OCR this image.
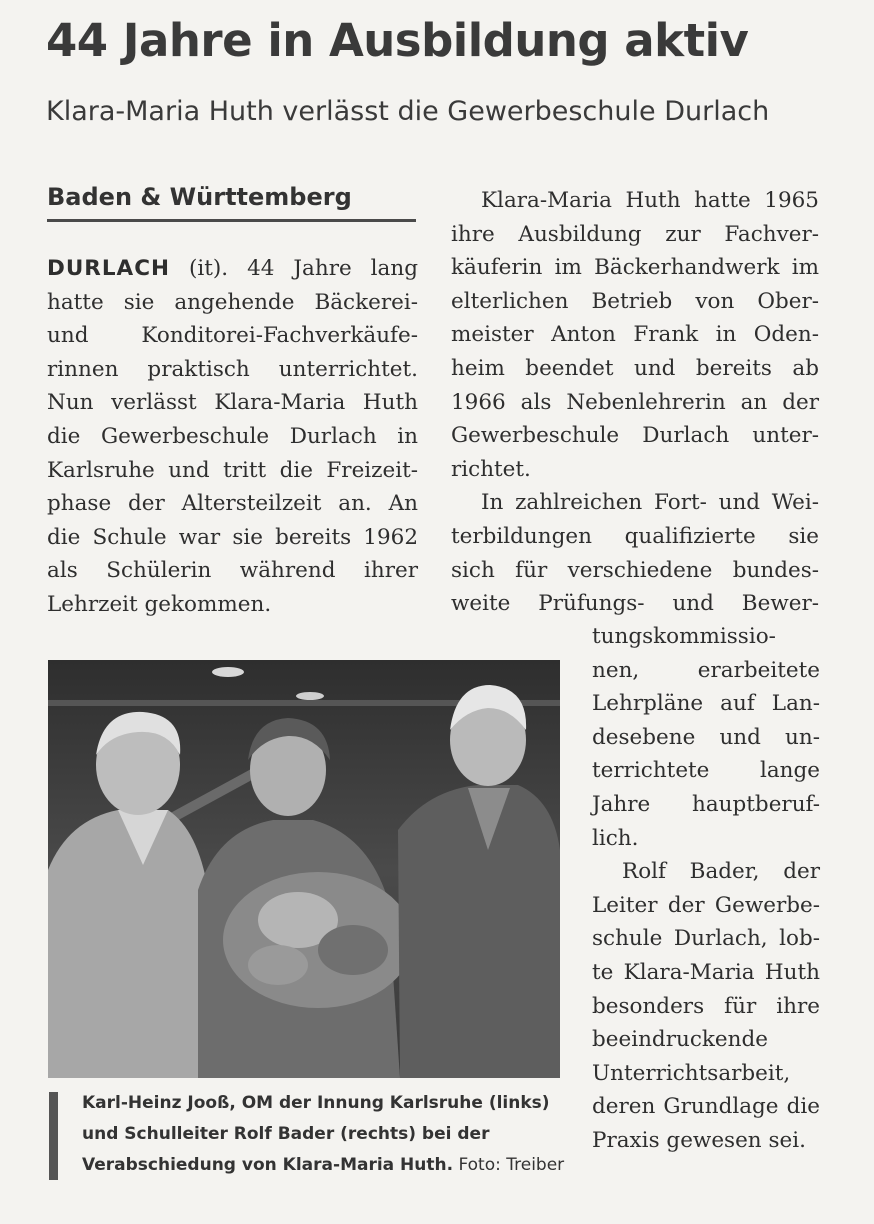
44 Jahre in Ausbildung aktiv
Klara-Maria Huth verlässt die Gewerbeschule Durlach
Baden & Württemberg
DURLACH (it). 44 Jahre lang
hatte sie angehende Bäckerei-
und Konditorei-Fachverkäufe-
rinnen praktisch unterrichtet.
Nun verlässt Klara-Maria Huth
die Gewerbeschule Durlach in
Karlsruhe und tritt die Freizeit-
phase der Altersteilzeit an. An
die Schule war sie bereits 1962
als Schülerin während ihrer
Lehrzeit gekommen.
Klara-Maria Huth hatte 1965
ihre Ausbildung zur Fachver-
käuferin im Bäckerhandwerk im
elterlichen Betrieb von Ober-
meister Anton Frank in Oden-
heim beendet und bereits ab
1966 als Nebenlehrerin an der
Gewerbeschule Durlach unter-
richtet.
In zahlreichen Fort- und Wei-
terbildungen qualifizierte sie
sich für verschiedene bundes-
weite Prüfungs- und Bewer-
tungskommissio-
nen, erarbeitete
Lehrpläne auf Lan-
desebene und un-
terrichtete lange
Jahre hauptberuf-
lich.
Rolf Bader, der
Leiter der Gewerbe-
schule Durlach, lob-
te Klara-Maria Huth
besonders für ihre
beeindruckende
Unterrichtsarbeit,
deren Grundlage die
Praxis gewesen sei.
Karl-Heinz Jooß, OM der Innung Karlsruhe (links)
und Schulleiter Rolf Bader (rechts) bei der
Verabschiedung von Klara-Maria Huth. Foto: Treiber
